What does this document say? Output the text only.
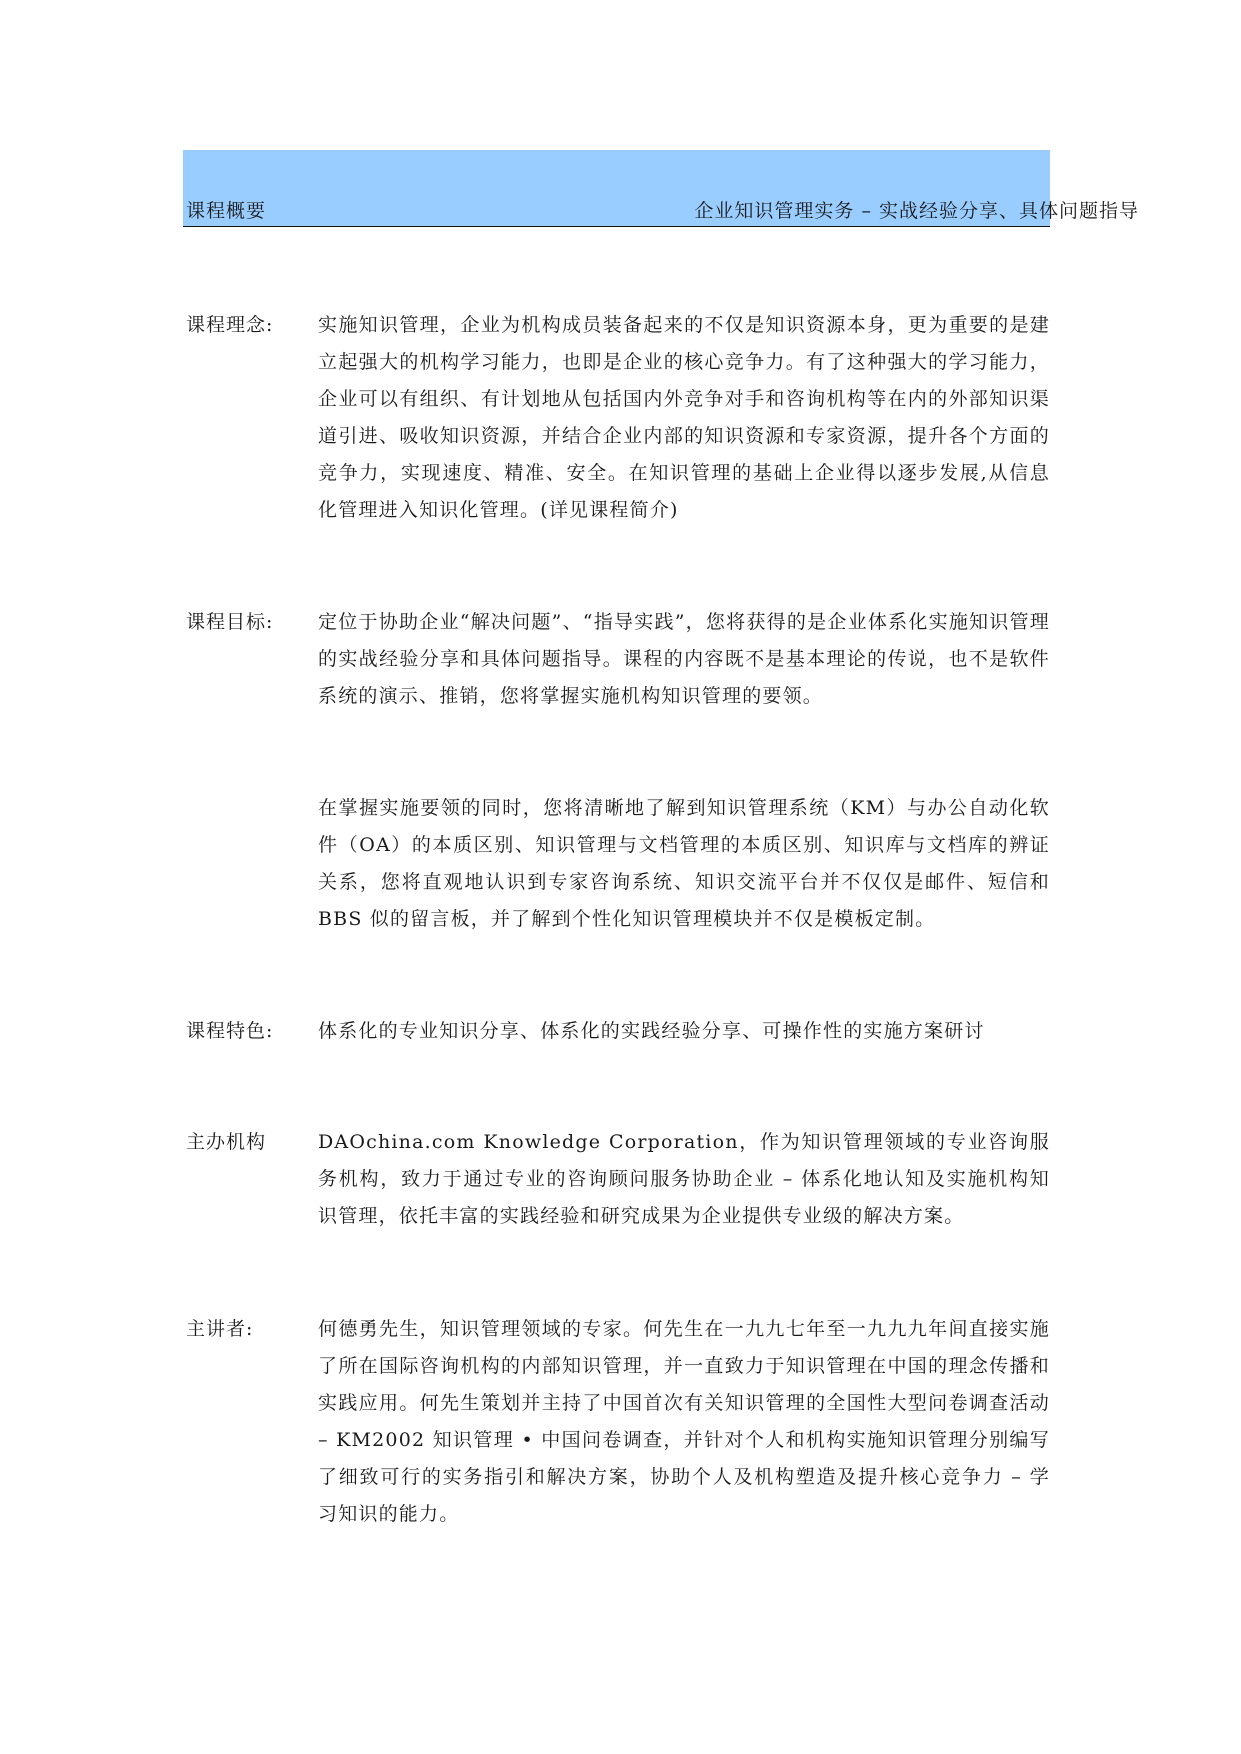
课程概要	企业知识管理实务 – 实战经验分享、具体问题指导
课程理念: 实施知识管理，企业为机构成员装备起来的不仅是知识资源本身，更为重要的是建立起强大的机构学习能力，也即是企业的核心竞争力。有了这种强大的学习能力，企业可以有组织、有计划地从包括国内外竞争对手和咨询机构等在内的外部知识渠道引进、吸收知识资源，并结合企业内部的知识资源和专家资源，提升各个方面的竞争力，实现速度、精准、安全。在知识管理的基础上企业得以逐步发展,从信息化管理进入知识化管理。(详见课程简介)

课程目标: 定位于协助企业“解决问题”、“指导实践”，您将获得的是企业体系化实施知识管理的实战经验分享和具体问题指导。课程的内容既不是基本理论的传说，也不是软件系统的演示、推销，您将掌握实施机构知识管理的要领。

在掌握实施要领的同时，您将清晰地了解到知识管理系统（KM）与办公自动化软件（OA）的本质区别、知识管理与文档管理的本质区别、知识库与文档库的辨证关系，您将直观地认识到专家咨询系统、知识交流平台并不仅仅是邮件、短信和 BBS 似的留言板，并了解到个性化知识管理模块并不仅是模板定制。

课程特色: 体系化的专业知识分享、体系化的实践经验分享、可操作性的实施方案研讨

主办机构	DAOchina.com Knowledge Corporation，作为知识管理领域的专业咨询服务机构，致力于通过专业的咨询顾问服务协助企业 – 体系化地认知及实施机构知识管理，依托丰富的实践经验和研究成果为企业提供专业级的解决方案。

主讲者:	何德勇先生，知识管理领域的专家。何先生在一九九七年至一九九九年间直接实施了所在国际咨询机构的内部知识管理，并一直致力于知识管理在中国的理念传播和实践应用。何先生策划并主持了中国首次有关知识管理的全国性大型问卷调查活动 – KM2002 知识管理 • 中国问卷调查，并针对个人和机构实施知识管理分别编写了细致可行的实务指引和解决方案，协助个人及机构塑造及提升核心竞争力 – 学习知识的能力。
